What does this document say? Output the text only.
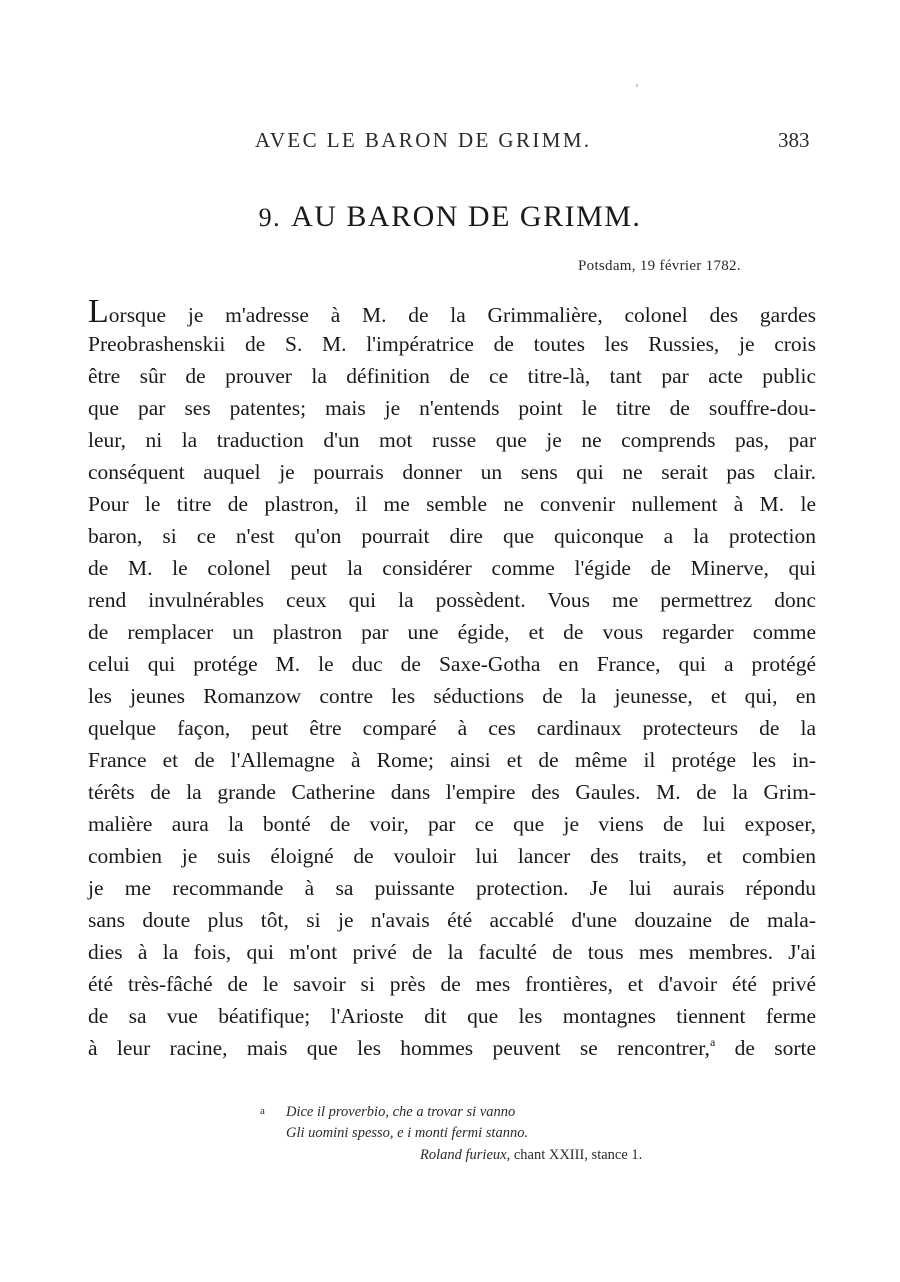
AVEC LE BARON DE GRIMM.	383
9. AU BARON DE GRIMM.
Potsdam, 19 février 1782.
Lorsque je m'adresse à M. de la Grimmalière, colonel des gardes
Preobrashenskii de S. M. l'impératrice de toutes les Russies, je crois
être sûr de prouver la définition de ce titre-là, tant par acte public
que par ses patentes; mais je n'entends point le titre de souffre-dou-
leur, ni la traduction d'un mot russe que je ne comprends pas, par
conséquent auquel je pourrais donner un sens qui ne serait pas clair.
Pour le titre de plastron, il me semble ne convenir nullement à M. le
baron, si ce n'est qu'on pourrait dire que quiconque a la protection
de M. le colonel peut la considérer comme l'égide de Minerve, qui
rend invulnérables ceux qui la possèdent. Vous me permettrez donc
de remplacer un plastron par une égide, et de vous regarder comme
celui qui protége M. le duc de Saxe-Gotha en France, qui a protégé
les jeunes Romanzow contre les séductions de la jeunesse, et qui, en
quelque façon, peut être comparé à ces cardinaux protecteurs de la
France et de l'Allemagne à Rome; ainsi et de même il protége les in-
térêts de la grande Catherine dans l'empire des Gaules. M. de la Grim-
malière aura la bonté de voir, par ce que je viens de lui exposer,
combien je suis éloigné de vouloir lui lancer des traits, et combien
je me recommande à sa puissante protection. Je lui aurais répondu
sans doute plus tôt, si je n'avais été accablé d'une douzaine de mala-
dies à la fois, qui m'ont privé de la faculté de tous mes membres. J'ai
été très-fâché de le savoir si près de mes frontières, et d'avoir été privé
de sa vue béatifique; l'Arioste dit que les montagnes tiennent ferme
à leur racine, mais que les hommes peuvent se rencontrer,$^a$ de sorte
a Dice il proverbio, che a trovar si vanno
Gli uomini spesso, e i monti fermi stanno.
Roland furieux, chant XXIII, stance 1.
